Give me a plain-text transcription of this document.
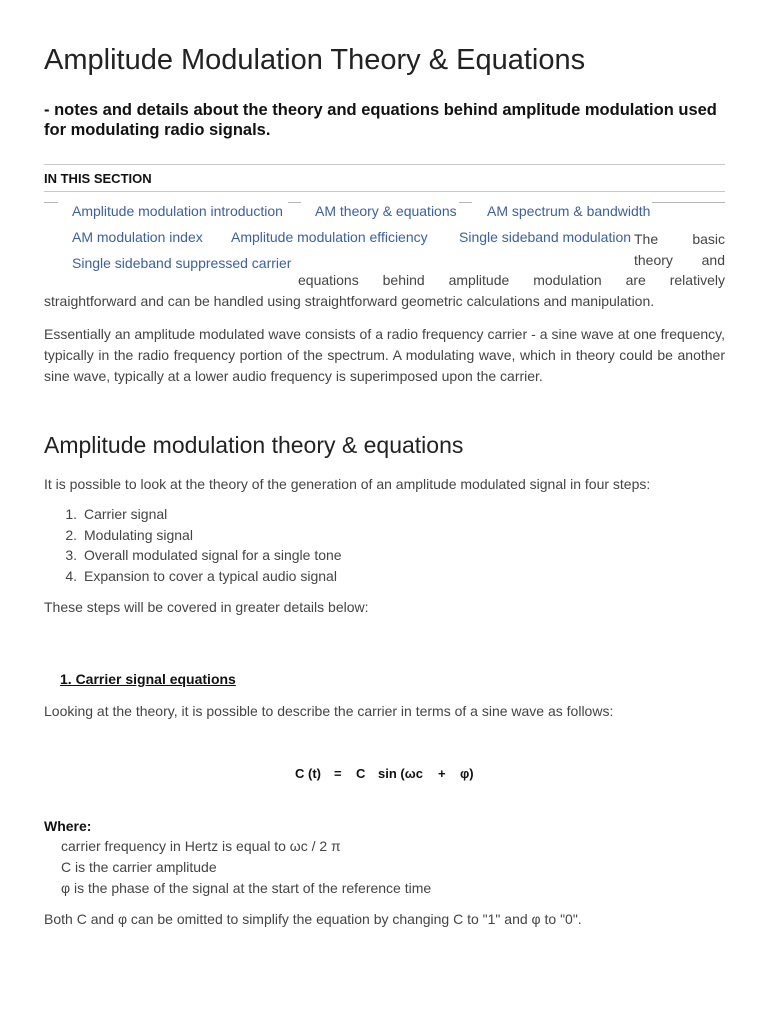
Amplitude Modulation Theory & Equations
- notes and details about the theory and equations behind amplitude modulation used for modulating radio signals.
IN THIS SECTION
Amplitude modulation introduction AM theory & equations AM spectrum & bandwidth
AM modulation index Amplitude modulation efficiency Single sideband modulation
Single sideband suppressed carrier
The basic
theory and
equations behind amplitude modulation are relatively
straightforward and can be handled using straightforward geometric calculations and manipulation.
Essentially an amplitude modulated wave consists of a radio frequency carrier - a sine wave at one frequency, typically in the radio frequency portion of the spectrum. A modulating wave, which in theory could be another sine wave, typically at a lower audio frequency is superimposed upon the carrier.
Amplitude modulation theory & equations
It is possible to look at the theory of the generation of an amplitude modulated signal in four steps:
1. Carrier signal
2. Modulating signal
3. Overall modulated signal for a single tone
4. Expansion to cover a typical audio signal
These steps will be covered in greater details below:
1. Carrier signal equations
Looking at the theory, it is possible to describe the carrier in terms of a sine wave as follows:
C (t) = C sin (ωc + φ)
Where:
carrier frequency in Hertz is equal to ωc / 2 π
C is the carrier amplitude
φ is the phase of the signal at the start of the reference time
Both C and φ can be omitted to simplify the equation by changing C to "1" and φ to "0".
